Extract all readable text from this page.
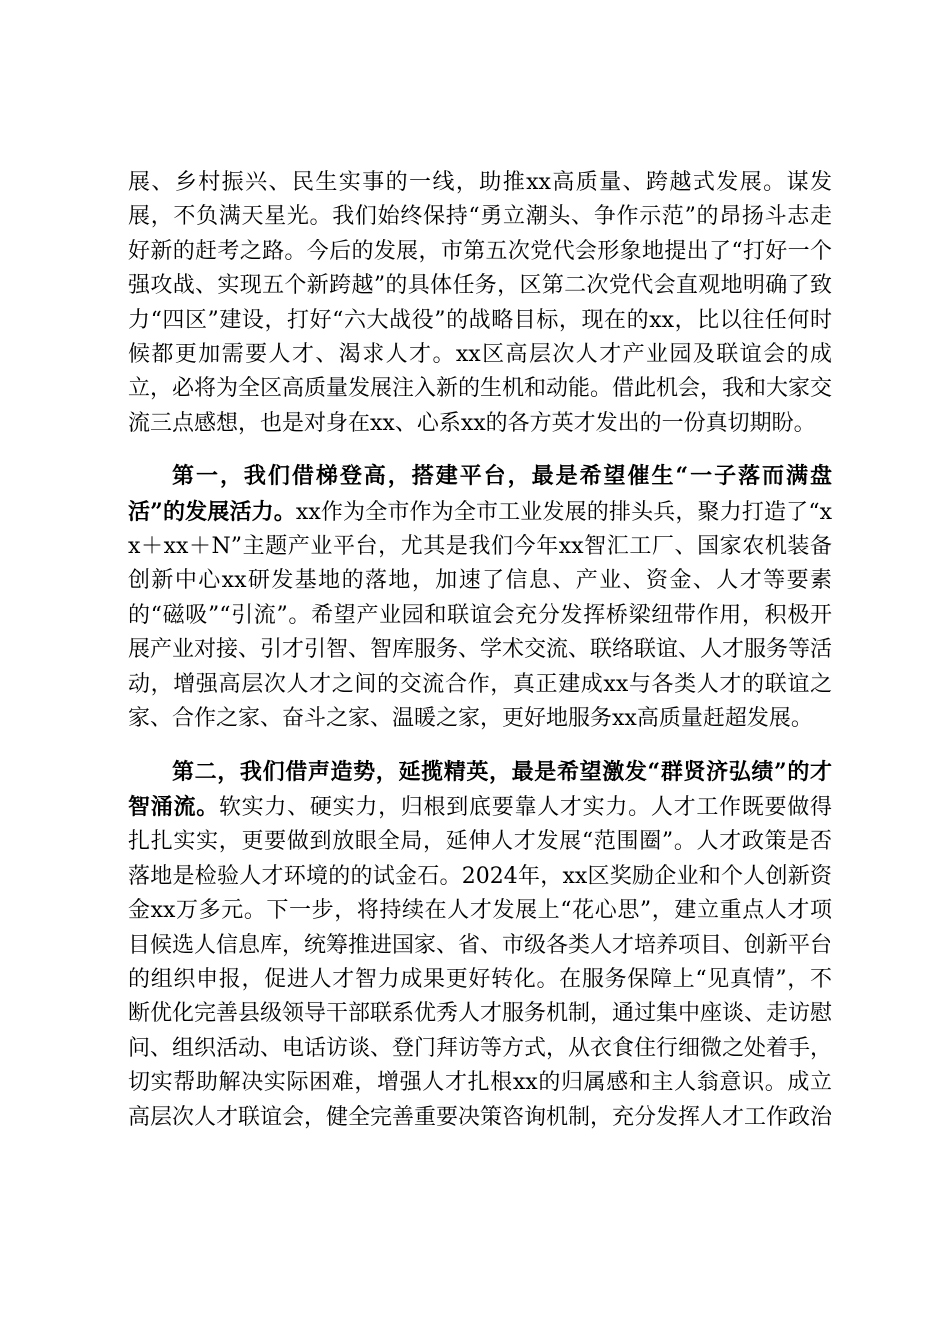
展、乡村振兴、民生实事的一线，助推xx高质量、跨越式发展。谋发展，不负满天星光。我们始终保持“勇立潮头、争作示范”的昂扬斗志走好新的赶考之路。今后的发展，市第五次党代会形象地提出了“打好一个强攻战、实现五个新跨越”的具体任务，区第二次党代会直观地明确了致力“四区”建设，打好“六大战役”的战略目标，现在的xx，比以往任何时候都更加需要人才、渴求人才。xx区高层次人才产业园及联谊会的成立，必将为全区高质量发展注入新的生机和动能。借此机会，我和大家交流三点感想，也是对身在xx、心系xx的各方英才发出的一份真切期盼。

第一，我们借梯登高，搭建平台，最是希望催生“一子落而满盘活”的发展活力。xx作为全市作为全市工业发展的排头兵，聚力打造了“xx＋xx＋N”主题产业平台，尤其是我们今年xx智汇工厂、国家农机装备创新中心xx研发基地的落地，加速了信息、产业、资金、人才等要素的“磁吸”“引流”。希望产业园和联谊会充分发挥桥梁纽带作用，积极开展产业对接、引才引智、智库服务、学术交流、联络联谊、人才服务等活动，增强高层次人才之间的交流合作，真正建成xx与各类人才的联谊之家、合作之家、奋斗之家、温暖之家，更好地服务xx高质量赶超发展。

第二，我们借声造势，延揽精英，最是希望激发“群贤济弘绩”的才智涌流。软实力、硬实力，归根到底要靠人才实力。人才工作既要做得扎扎实实，更要做到放眼全局，延伸人才发展“范围圈”。人才政策是否落地是检验人才环境的的试金石。2024年，xx区奖励企业和个人创新资金xx万多元。下一步，将持续在人才发展上“花心思”，建立重点人才项目候选人信息库，统筹推进国家、省、市级各类人才培养项目、创新平台的组织申报，促进人才智力成果更好转化。在服务保障上“见真情”，不断优化完善县级领导干部联系优秀人才服务机制，通过集中座谈、走访慰问、组织活动、电话访谈、登门拜访等方式，从衣食住行细微之处着手，切实帮助解决实际困难，增强人才扎根xx的归属感和主人翁意识。成立高层次人才联谊会，健全完善重要决策咨询机制，充分发挥人才工作政治
